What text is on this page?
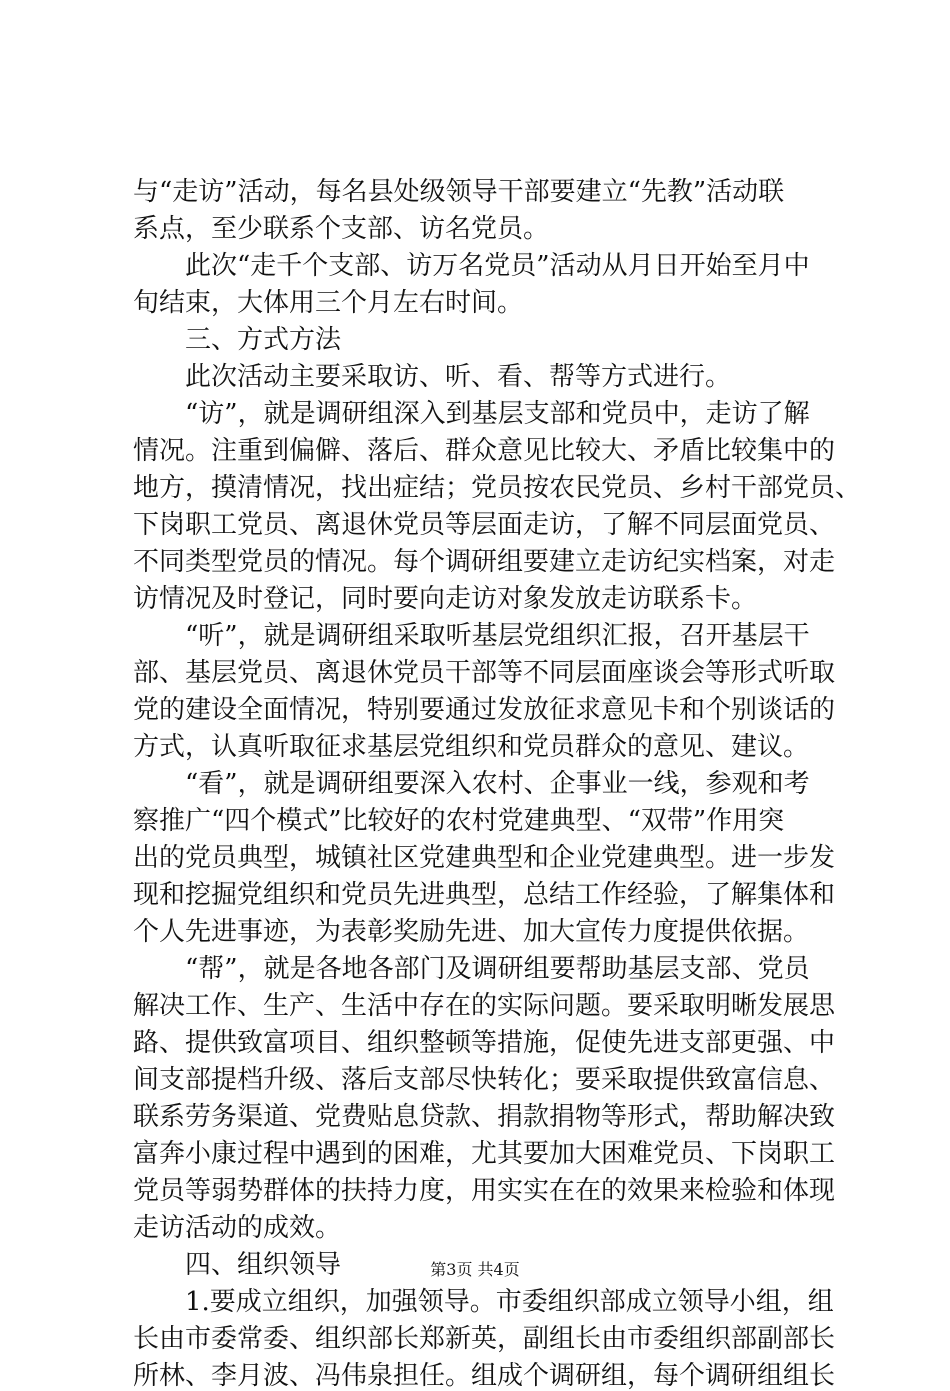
与“走访”活动，每名县处级领导干部要建立“先教”活动联
系点，至少联系个支部、访名党员。
　　此次“走千个支部、访万名党员”活动从月日开始至月中
旬结束，大体用三个月左右时间。
　　三、方式方法
　　此次活动主要采取访、听、看、帮等方式进行。
　　“访”，就是调研组深入到基层支部和党员中，走访了解
情况。注重到偏僻、落后、群众意见比较大、矛盾比较集中的
地方，摸清情况，找出症结；党员按农民党员、乡村干部党员、
下岗职工党员、离退休党员等层面走访，了解不同层面党员、
不同类型党员的情况。每个调研组要建立走访纪实档案，对走
访情况及时登记，同时要向走访对象发放走访联系卡。
　　“听”，就是调研组采取听基层党组织汇报，召开基层干
部、基层党员、离退休党员干部等不同层面座谈会等形式听取
党的建设全面情况，特别要通过发放征求意见卡和个别谈话的
方式，认真听取征求基层党组织和党员群众的意见、建议。
　　“看”，就是调研组要深入农村、企事业一线，参观和考
察推广“四个模式”比较好的农村党建典型、“双带”作用突
出的党员典型，城镇社区党建典型和企业党建典型。进一步发
现和挖掘党组织和党员先进典型，总结工作经验，了解集体和
个人先进事迹，为表彰奖励先进、加大宣传力度提供依据。
　　“帮”，就是各地各部门及调研组要帮助基层支部、党员
解决工作、生产、生活中存在的实际问题。要采取明晰发展思
路、提供致富项目、组织整顿等措施，促使先进支部更强、中
间支部提档升级、落后支部尽快转化；要采取提供致富信息、
联系劳务渠道、党费贴息贷款、捐款捐物等形式，帮助解决致
富奔小康过程中遇到的困难，尤其要加大困难党员、下岗职工
党员等弱势群体的扶持力度，用实实在在的效果来检验和体现
走访活动的成效。
　　四、组织领导
　　1.要成立组织，加强领导。市委组织部成立领导小组，组
长由市委常委、组织部长郑新英，副组长由市委组织部副部长
所林、李月波、冯伟泉担任。组成个调研组，每个调研组组长
第3页 共4页
